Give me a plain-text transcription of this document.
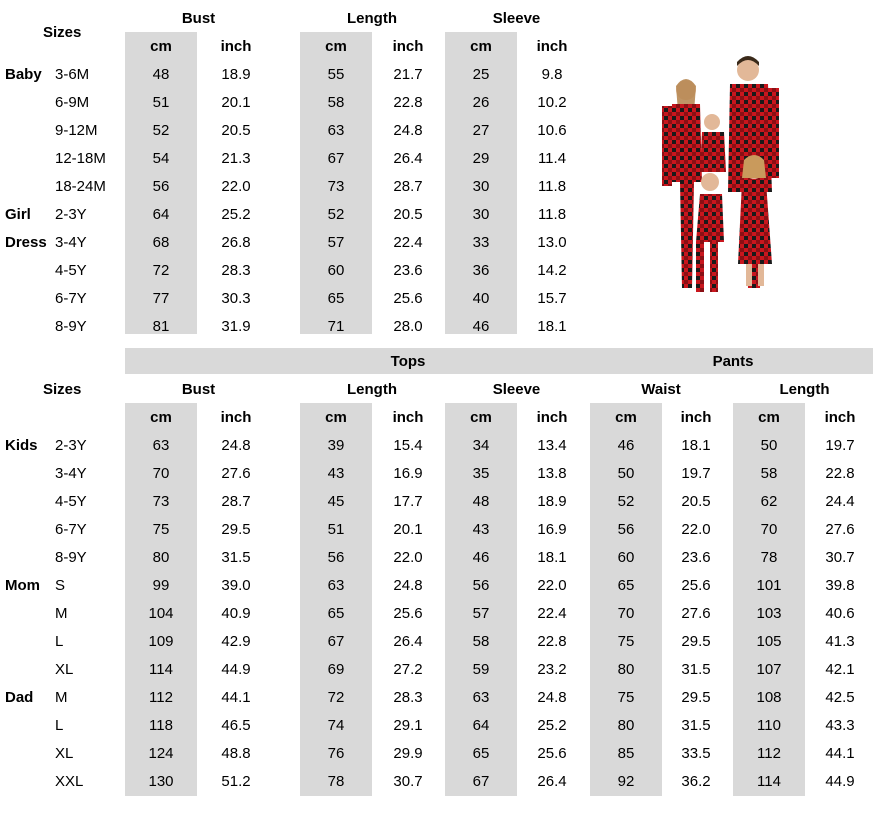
Sizes
Bust	Length	Sleeve
cm	inch	cm	inch	cm	inch
Baby 3-6M	48	18.9	55	21.7	25	9.8
6-9M	51	20.1	58	22.8	26	10.2
9-12M	52	20.5	63	24.8	27	10.6
12-18M	54	21.3	67	26.4	29	11.4
18-24M	56	22.0	73	28.7	30	11.8
Girl	2-3Y	64	25.2	52	20.5	30	11.8
Dress 3-4Y	68	26.8	57	22.4	33	13.0
4-5Y	72	28.3	60	23.6	36	14.2
6-7Y	77	30.3	65	25.6	40	15.7
8-9Y	81	31.9	71	28.0	46	18.1
Tops	Pants
Sizes	Bust	Length	Sleeve	Waist	Length
cm	inch	cm	inch	cm	inch	cm	inch	cm	inch
Kids	2-3Y	63	24.8	39	15.4	34	13.4	46	18.1	50	19.7
3-4Y	70	27.6	43	16.9	35	13.8	50	19.7	58	22.8
4-5Y	73	28.7	45	17.7	48	18.9	52	20.5	62	24.4
6-7Y	75	29.5	51	20.1	43	16.9	56	22.0	70	27.6
8-9Y	80	31.5	56	22.0	46	18.1	60	23.6	78	30.7
Mom	S	99	39.0	63	24.8	56	22.0	65	25.6	101	39.8
M	104	40.9	65	25.6	57	22.4	70	27.6	103	40.6
L	109	42.9	67	26.4	58	22.8	75	29.5	105	41.3
XL	114	44.9	69	27.2	59	23.2	80	31.5	107	42.1
Dad	M	112	44.1	72	28.3	63	24.8	75	29.5	108	42.5
L	118	46.5	74	29.1	64	25.2	80	31.5	110	43.3
XL	124	48.8	76	29.9	65	25.6	85	33.5	112	44.1
XXL	130	51.2	78	30.7	67	26.4	92	36.2	114	44.9
